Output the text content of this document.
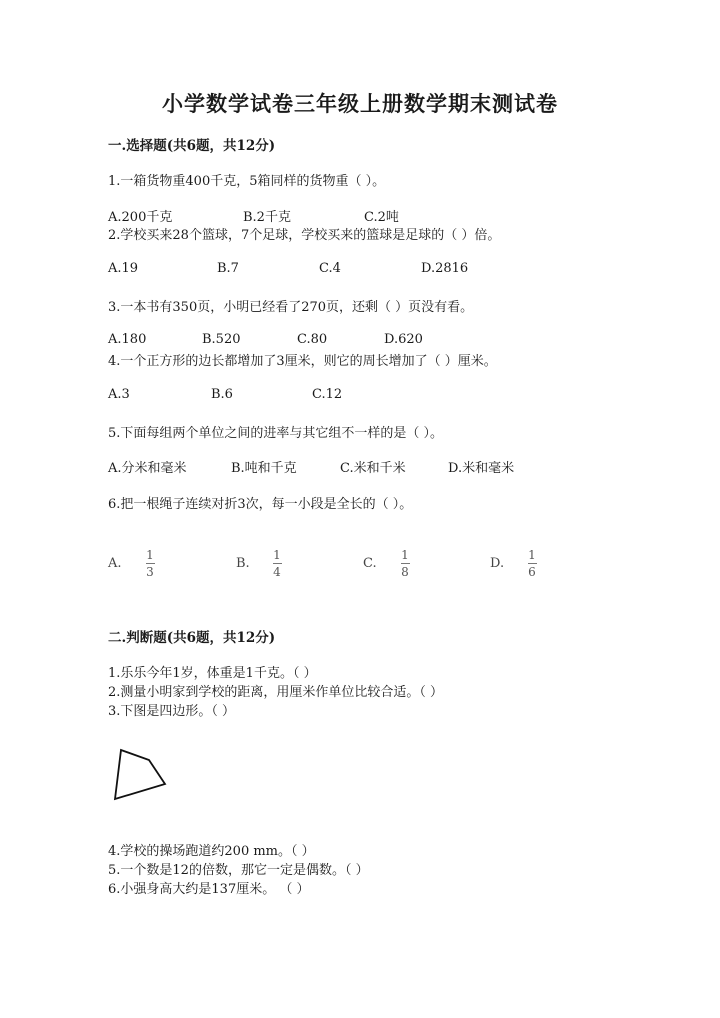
小学数学试卷三年级上册数学期末测试卷
一.选择题(共6题，共12分)
1.一箱货物重400千克，5箱同样的货物重（ ）。
A.200千克	B.2千克	C.2吨
2.学校买来28个篮球，7个足球，学校买来的篮球是足球的（ ）倍。
A.19	B.7	C.4	D.2816
3.一本书有350页，小明已经看了270页，还剩（ ）页没有看。
A.180	B.520	C.80	D.620
4.一个正方形的边长都增加了3厘米，则它的周长增加了（ ）厘米。
A.3	B.6	C.12
5.下面每组两个单位之间的进率与其它组不一样的是（ ）。
A.分米和毫米	B.吨和千克	C.米和千米	D.米和毫米
6.把一根绳子连续对折3次，每一小段是全长的（ ）。
A.
1
3
B.
1
4
C.
1
8
D.
1
6
二.判断题(共6题，共12分)
1.乐乐今年1岁，体重是1千克。（ ）
2.测量小明家到学校的距离，用厘米作单位比较合适。（ ）
3.下图是四边形。（ ）
4.学校的操场跑道约200 mm。（ ）
5.一个数是12的倍数，那它一定是偶数。（ ）
6.小强身高大约是137厘米。 （ ）
